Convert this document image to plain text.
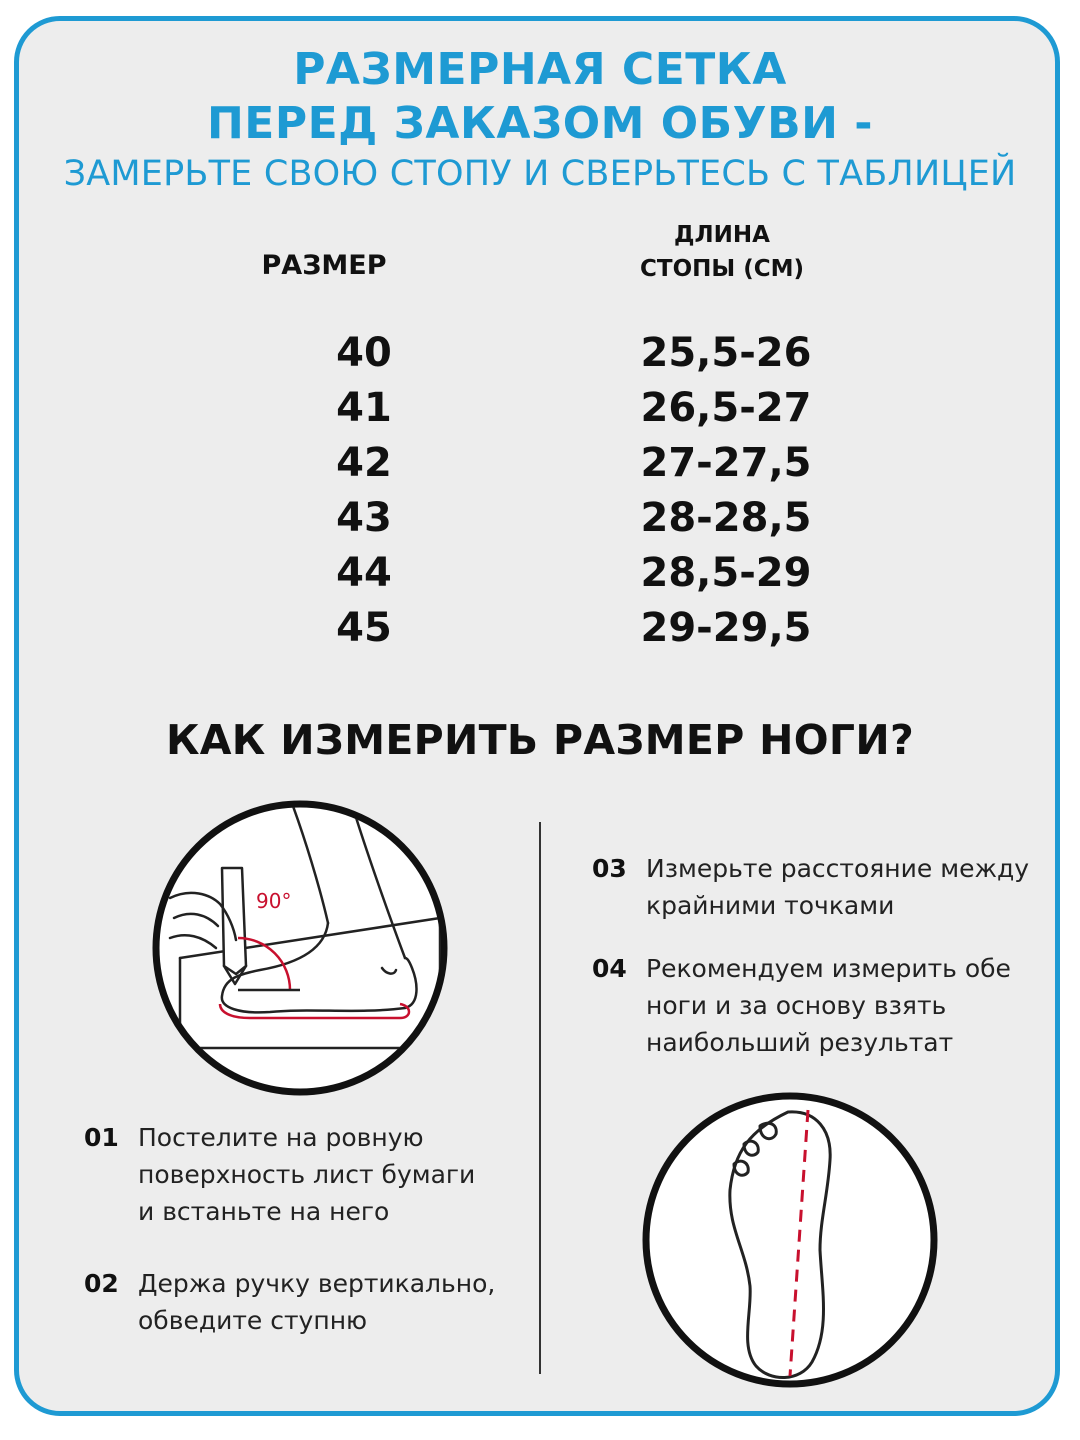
РАЗМЕРНАЯ СЕТКА
ПЕРЕД ЗАКАЗОМ ОБУВИ -
ЗАМЕРЬТЕ СВОЮ СТОПУ И СВЕРЬТЕСЬ С ТАБЛИЦЕЙ
РАЗМЕР
ДЛИНА
СТОПЫ (СМ)
40	25,5-26
41	26,5-27
42	27-27,5
43	28-28,5
44	28,5-29
45	29-29,5
КАК ИЗМЕРИТЬ РАЗМЕР НОГИ?
90°
01 Постелите на ровную
поверхность лист бумаги
и встаньте на него
02 Держа ручку вертикально,
обведите ступню
03 Измерьте расстояние между
крайними точками
04 Рекомендуем измерить обе
ноги и за основу взять
наибольший результат
